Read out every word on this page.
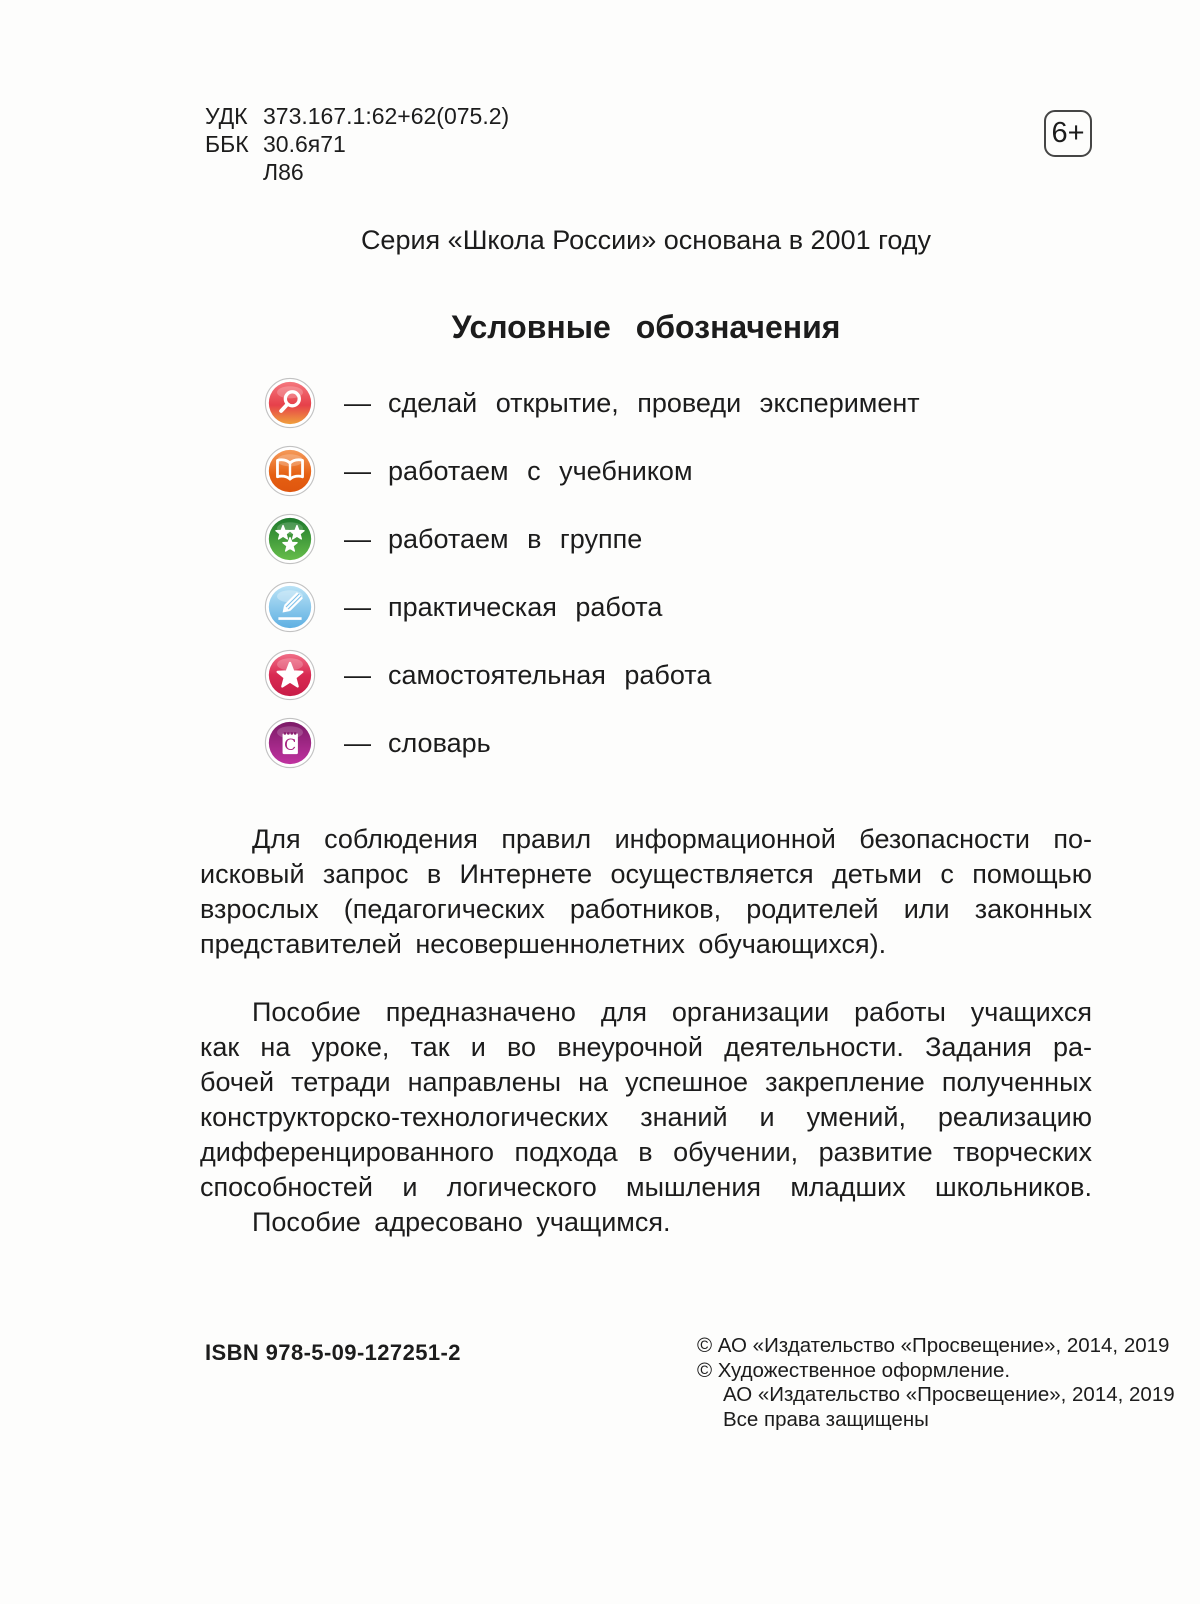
УДК 373.167.1:62+62(075.2)
ББК 30.6я71
Л86
6+
Серия «Школа России» основана в 2001 году
Условные обозначения
— сделай открытие, проведи эксперимент
— работаем с учебником
— работаем в группе
— практическая работа
— самостоятельная работа
C — словарь
Для соблюдения правил информационной безопасности по-
исковый запрос в Интернете осуществляется детьми с помощью
взрослых (педагогических работников, родителей или законных
представителей несовершеннолетних обучающихся).
Пособие предназначено для организации работы учащихся
как на уроке, так и во внеурочной деятельности. Задания ра-
бочей тетради направлены на успешное закрепление полученных
конструкторско-технологических знаний и умений, реализацию
дифференцированного подхода в обучении, развитие творческих
способностей и логического мышления младших школьников.
Пособие адресовано учащимся.
ISBN 978-5-09-127251-2	© АО «Издательство «Просвещение», 2014, 2019
© Художественное оформление.
АО «Издательство «Просвещение», 2014, 2019
Все права защищены
